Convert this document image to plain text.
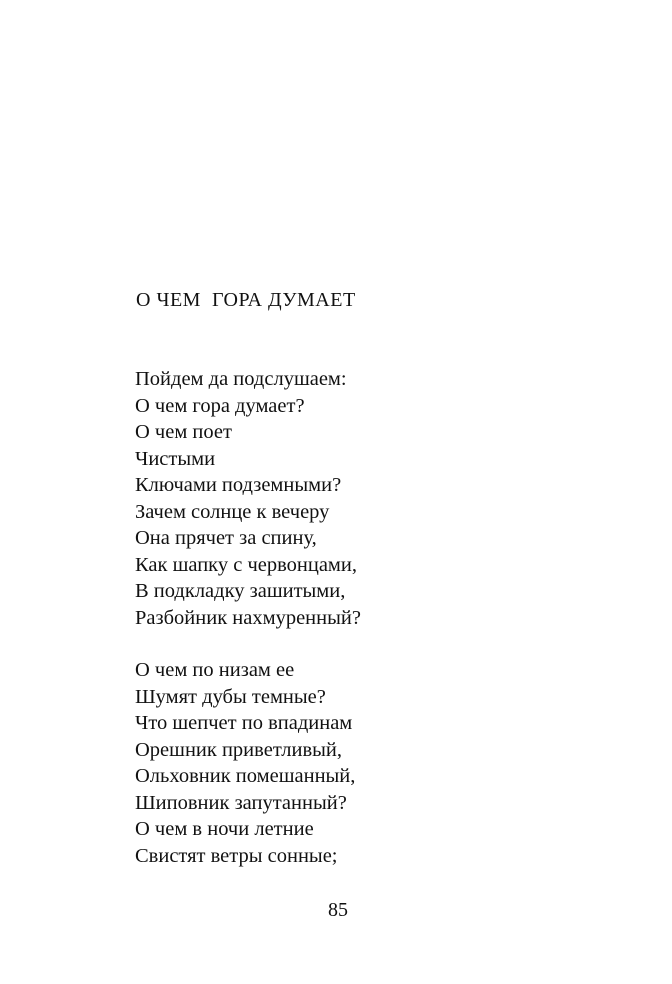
О ЧЕМ  ГОРА ДУМАЕТ
Пойдем да подслушаем:
О чем гора думает?
О чем поет
Чистыми
Ключами подземными?
Зачем солнце к вечеру
Она прячет за спину,
Как шапку с червонцами,
В подкладку зашитыми,
Разбойник нахмуренный?
О чем по низам ее
Шумят дубы темные?
Что шепчет по впадинам
Орешник приветливый,
Ольховник помешанный,
Шиповник запутанный?
О чем в ночи летние
Свистят ветры сонные;
85
